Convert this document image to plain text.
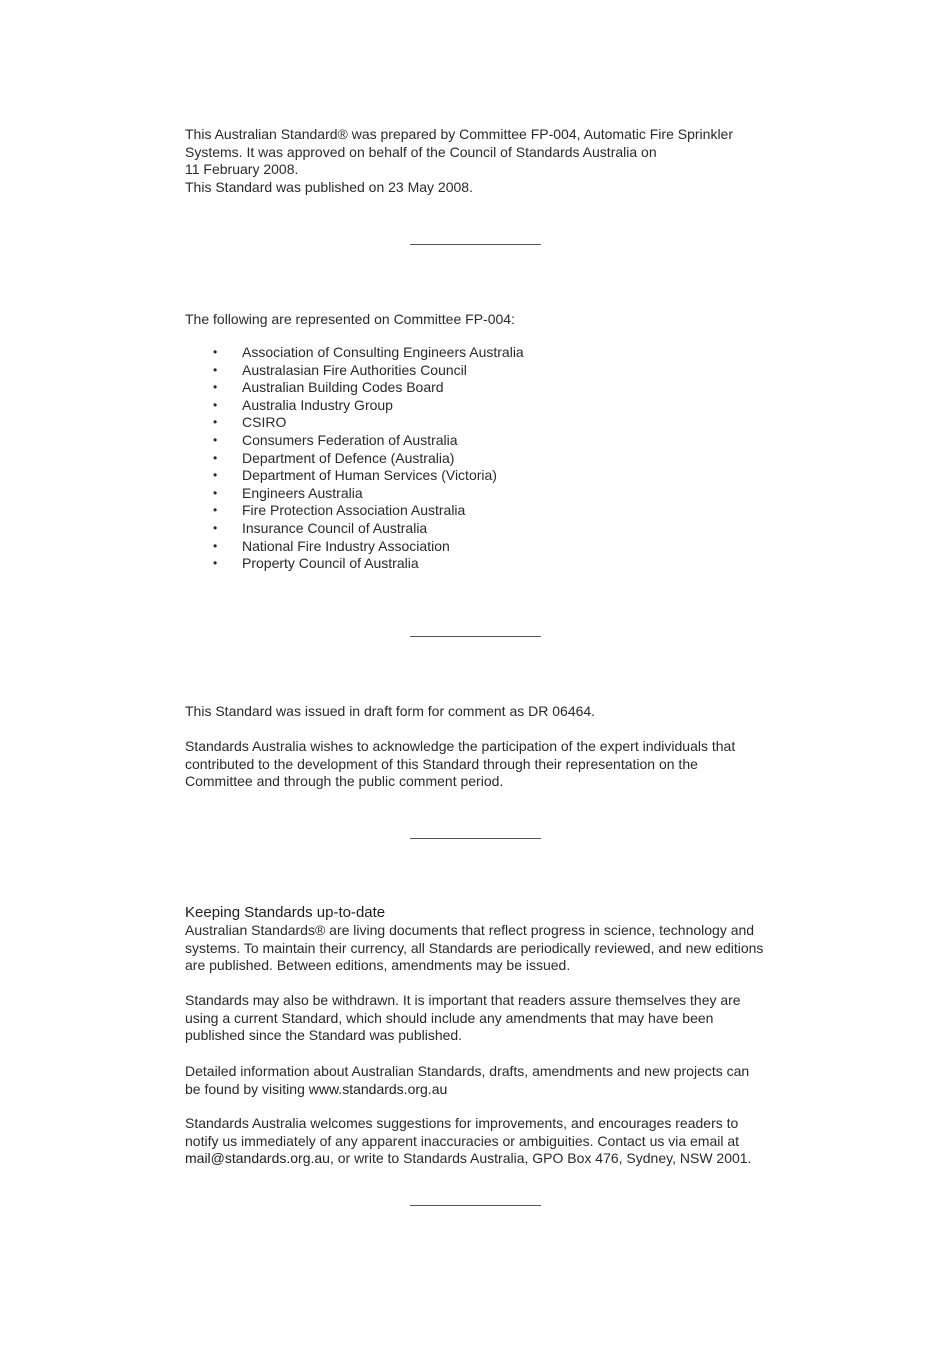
This Australian Standard® was prepared by Committee FP-004, Automatic Fire Sprinkler
Systems. It was approved on behalf of the Council of Standards Australia on
11 February 2008.
This Standard was published on 23 May 2008.

The following are represented on Committee FP-004:

• Association of Consulting Engineers Australia
• Australasian Fire Authorities Council
• Australian Building Codes Board
• Australia Industry Group
• CSIRO
• Consumers Federation of Australia
• Department of Defence (Australia)
• Department of Human Services (Victoria)
• Engineers Australia
• Fire Protection Association Australia
• Insurance Council of Australia
• National Fire Industry Association
• Property Council of Australia

This Standard was issued in draft form for comment as DR 06464.

Standards Australia wishes to acknowledge the participation of the expert individuals that
contributed to the development of this Standard through their representation on the
Committee and through the public comment period.

Keeping Standards up-to-date

Australian Standards® are living documents that reflect progress in science, technology and
systems. To maintain their currency, all Standards are periodically reviewed, and new editions
are published. Between editions, amendments may be issued.

Standards may also be withdrawn. It is important that readers assure themselves they are
using a current Standard, which should include any amendments that may have been
published since the Standard was published.

Detailed information about Australian Standards, drafts, amendments and new projects can
be found by visiting www.standards.org.au

Standards Australia welcomes suggestions for improvements, and encourages readers to
notify us immediately of any apparent inaccuracies or ambiguities. Contact us via email at
mail@standards.org.au, or write to Standards Australia, GPO Box 476, Sydney, NSW 2001.
